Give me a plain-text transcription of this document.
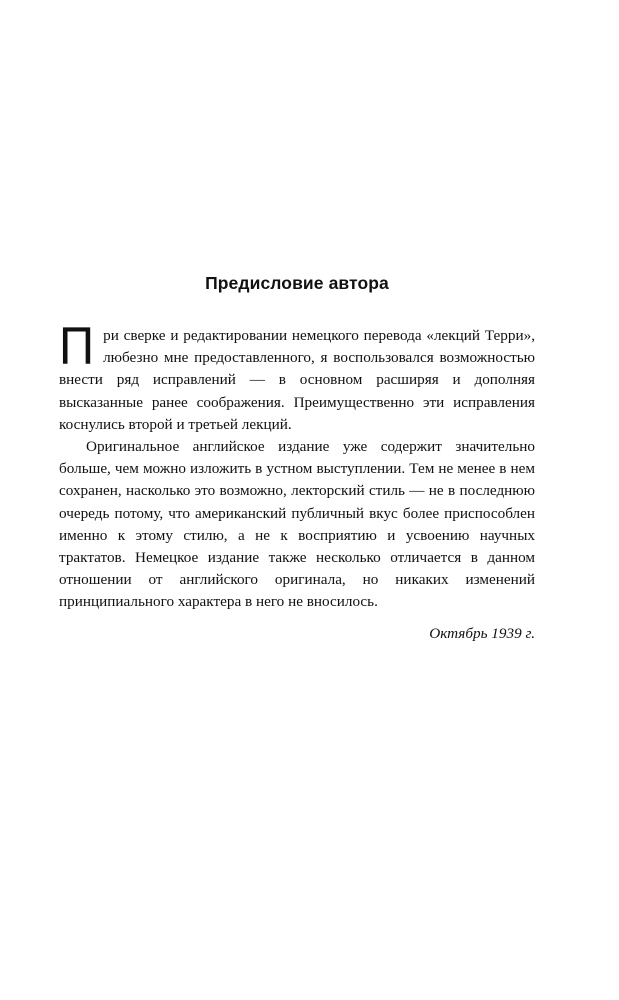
Предисловие автора

При сверке и редактировании немецкого перевода «лекций Терри», любезно мне предоставленного, я воспользовался возможностью внести ряд исправлений — в основном расширяя и дополняя высказанные ранее соображения. Преимущественно эти исправления коснулись второй и третьей лекций.

Оригинальное английское издание уже содержит значительно больше, чем можно изложить в устном выступлении. Тем не менее в нем сохранен, насколько это возможно, лекторский стиль — не в последнюю очередь потому, что американский публичный вкус более приспособлен именно к этому стилю, а не к восприятию и усвоению научных трактатов. Немецкое издание также несколько отличается в данном отношении от английского оригинала, но никаких изменений принципиального характера в него не вносилось.

Октябрь 1939 г.
